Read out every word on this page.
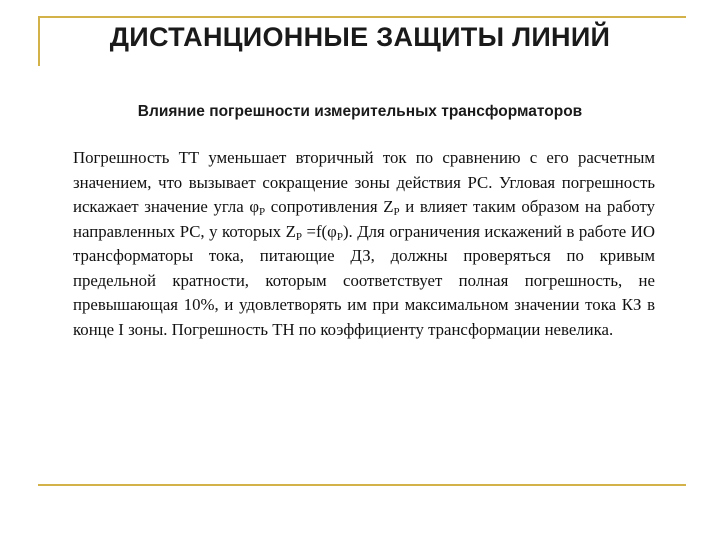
ДИСТАНЦИОННЫЕ ЗАЩИТЫ ЛИНИЙ
Влияние погрешности измерительных трансформаторов
Погрешность ТТ уменьшает вторичный ток по сравнению с его расчетным значением, что вызывает сокращение зоны действия РС. Угловая погрешность искажает значение угла $\varphi_Р$ сопротивления $Z_Р$ и влияет таким образом на работу направленных РС, у которых $Z_Р =f(\varphi_Р)$. Для ограничения искажений в работе ИО трансформаторы тока, питающие ДЗ, должны проверяться по кривым предельной кратности, которым соответствует полная погрешность, не превышающая 10%, и удовлетворять им при максимальном значении тока КЗ в конце I зоны. Погрешность ТН по коэффициенту трансформации невелика.
